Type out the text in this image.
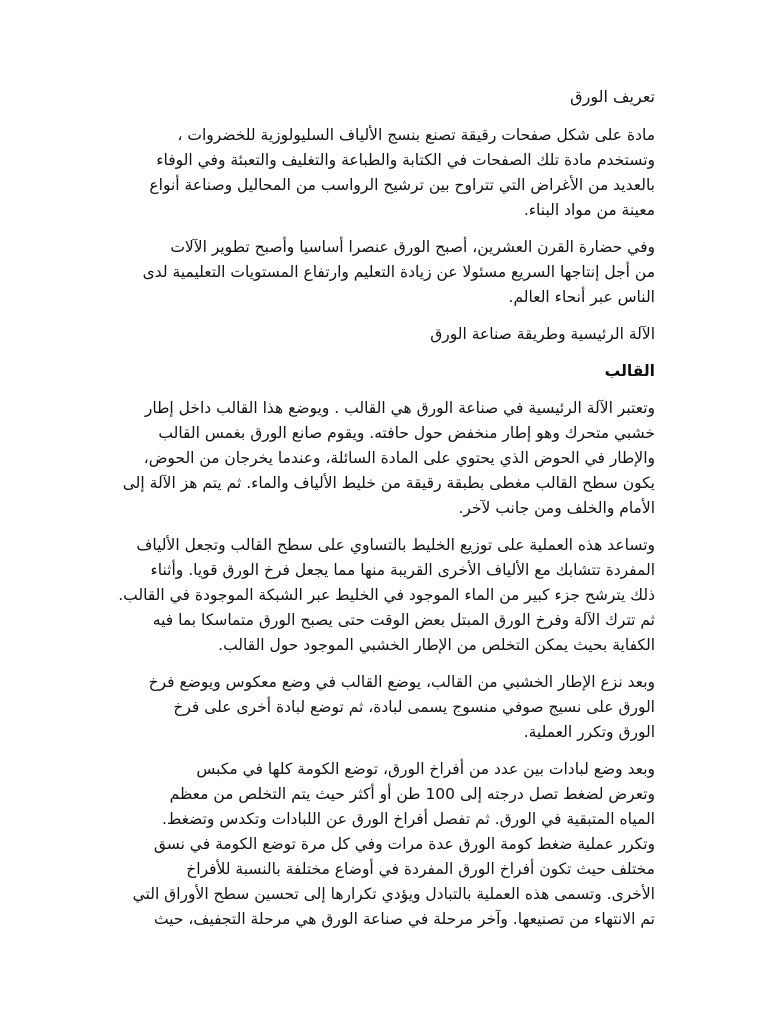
تعريف الورق
مادة على شكل صفحات رقيقة تصنع بنسج الألياف السليولوزية للخضروات ،
وتستخدم مادة تلك الصفحات في الكتابة والطباعة والتغليف والتعبئة وفي الوفاء
بالعديد من الأغراض التي تتراوح بين ترشيح الرواسب من المحاليل وصناعة أنواع
معينة من مواد البناء.
وفي حضارة القرن العشرين، أصبح الورق عنصرا أساسيا وأصبح تطوير الآلات
من أجل إنتاجها السريع مسئولا عن زيادة التعليم وارتفاع المستويات التعليمية لدى
الناس عبر أنحاء العالم.
الآلة الرئيسية وطريقة صناعة الورق
القالب
وتعتبر الآلة الرئيسية في صناعة الورق هي القالب . ويوضع هذا القالب داخل إطار
خشبي متحرك وهو إطار منخفض حول حافته. ويقوم صانع الورق بغمس القالب
والإطار في الحوض الذي يحتوي على المادة السائلة، وعندما يخرجان من الحوض،
يكون سطح القالب مغطى بطبقة رقيقة من خليط الألياف والماء. ثم يتم هز الآلة إلى
الأمام والخلف ومن جانب لآخر.
وتساعد هذه العملية على توزيع الخليط بالتساوي على سطح القالب وتجعل الألياف
المفردة تتشابك مع الألياف الأخرى القريبة منها مما يجعل فرخ الورق قويا. وأثناء
ذلك يترشح جزء كبير من الماء الموجود في الخليط عبر الشبكة الموجودة في القالب.
ثم تترك الآلة وفرخ الورق المبتل بعض الوقت حتى يصبح الورق متماسكا بما فيه
الكفاية بحيث يمكن التخلص من الإطار الخشبي الموجود حول القالب.
وبعد نزع الإطار الخشبي من القالب، يوضع القالب في وضع معكوس ويوضع فرخ
الورق على نسيج صوفي منسوج يسمى لبادة، ثم توضع لبادة أخرى على فرخ
الورق وتكرر العملية.
وبعد وضع لبادات بين عدد من أفراخ الورق، توضع الكومة كلها في مكبس
وتعرض لضغط تصل درجته إلى 100 طن أو أكثر حيث يتم التخلص من معظم
المياه المتبقية في الورق. ثم تفصل أفراخ الورق عن اللبادات وتكدس وتضغط.
وتكرر عملية ضغط كومة الورق عدة مرات وفي كل مرة توضع الكومة في نسق
مختلف حيث تكون أفراخ الورق المفردة في أوضاع مختلفة بالنسبة للأفراخ
الأخرى. وتسمى هذه العملية بالتبادل ويؤدي تكرارها إلى تحسين سطح الأوراق التي
تم الانتهاء من تصنيعها. وآخر مرحلة في صناعة الورق هي مرحلة التجفيف، حيث
